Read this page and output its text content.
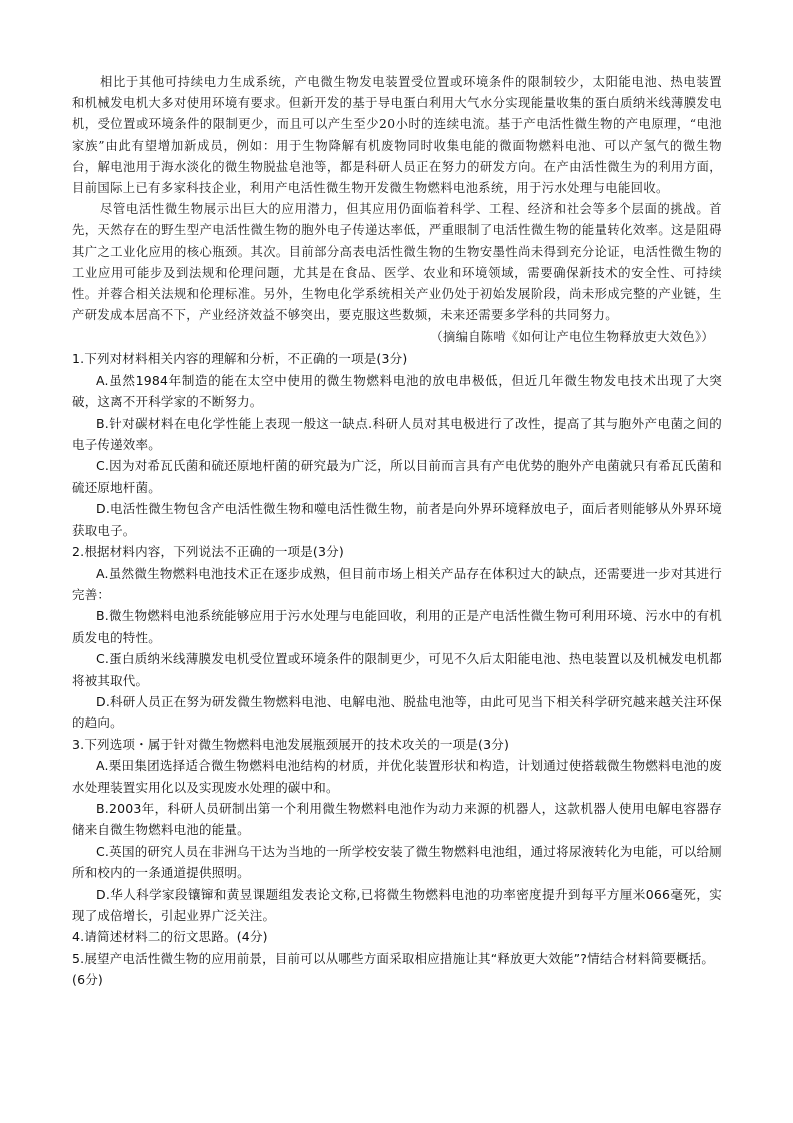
相比于其他可持续电力生成系统，产电微生物发电装置受位置或环境条件的限制较少，太阳能电池、热电装置和机械发电机大多对使用环境有要求。但新开发的基于导电蛋白利用大气水分实现能量收集的蛋白质纳米线薄膜发电机，受位置或环境条件的限制更少，而且可以产生至少20小时的连续电流。基于产电活性微生物的产电原理，“电池家族”由此有望增加新成员，例如：用于生物降解有机废物同时收集电能的微面物燃料电池、可以产氢气的微生物台，解电池用于海水淡化的微生物脱盐皂池等，都是科研人员正在努力的研发方向。在产由活性微生为的利用方面，目前国际上已有多家科技企业，利用产电活性微生物开发微生物燃料电池系统，用于污水处理与电能回收。

尽管电活性微生物展示出巨大的应用潜力，但其应用仍面临着科学、工程、经济和社会等多个层面的挑战。首先，天然存在的野生型产电活性微生物的胞外电子传递达率低，严重眼制了电活性微生物的能量转化效率。这是阻碍其广之工业化应用的核心瓶颈。其次。目前部分高表电活性微生物的生物安墨性尚未得到充分论证，电活性微生物的工业应用可能步及到法规和伦理问题，尤其是在食品、医学、农业和环境领域，需要确保新技术的安全性、可持续性。并蓉合相关法规和伦理标准。另外，生物电化学系统相关产业仍处于初始发展阶段，尚未形成完整的产业链，生产研发成本居高不下，产业经济效益不够突出，要克服这些数频，未来还需要多学科的共同努力。

（摘编自陈啃《如何让产电位生物释放吏大效色》）

1.下列对材料相关内容的理解和分析，不正确的一项是(3分)

A.虽然1984年制造的能在太空中使用的微生物燃料电池的放电串极低，但近几年微生物发电技术出现了大突破，这离不开科学家的不断努力。

B.针对碳材料在电化学性能上表现一般这一缺点.科研人员对其电极进行了改性，提高了其与胞外产电菌之间的电子传递效率。

C.因为对希瓦氏菌和硫还原地杆菌的研究最为广泛，所以目前而言具有产电优势的胞外产电菌就只有希瓦氏菌和硫还原地杆菌。

D.电活性微生物包含产电活性微生物和噬电活性微生物，前者是向外界环境释放电子，面后者则能够从外界环境获取电子。

2.根据材料内容，下列说法不正确的一项是(3分)

A.虽然微生物燃料电池技术正在逐步成熟，但目前市场上相关产品存在体积过大的缺点，还需要进一步对其进行完善：

B.微生物燃料电池系统能够应用于污水处理与电能回收，利用的正是产电活性微生物可利用环境、污水中的有机质发电的特性。

C.蛋白质纳米线薄膜发电机受位置或环境条件的限制更少，可见不久后太阳能电池、热电装置以及机械发电机都将被其取代。

D.科研人员正在努为研发微生物燃料电池、电解电池、脱盐电池等，由此可见当下相关科学研究越来越关注环保的趋向。

3.下列选项・属于针对微生物燃料电池发展瓶颈展开的技术攻关的一项是(3分)

A.栗田集团选择适合微生物燃料电池结构的材质，并优化装置形状和构造，计划通过使搭载微生物燃料电池的废水处理装置实用化以及实现废水处理的碳中和。

B.2003年，科研人员研制出第一个利用微生物燃料电池作为动力来源的机器人，这款机器人使用电解电容器存储来自微生物燃料电池的能量。

C.英国的研究人员在非洲乌干达为当地的一所学校安装了微生物燃料电池组，通过将尿液转化为电能，可以给厕所和校内的一条通道提供照明。

D.华人科学家段镶镩和黄昱课题组发表论文称,已将微生物燃料电池的功率密度提升到每平方厘米066毫死，实现了成倍增长，引起业界广泛关注。

4.请简述材料二的衍文思路。(4分)

5.展望产电活性微生物的应用前景，目前可以从哪些方面采取相应措施让其“释放更大效能”?情结合材料简要概括。(6分)
